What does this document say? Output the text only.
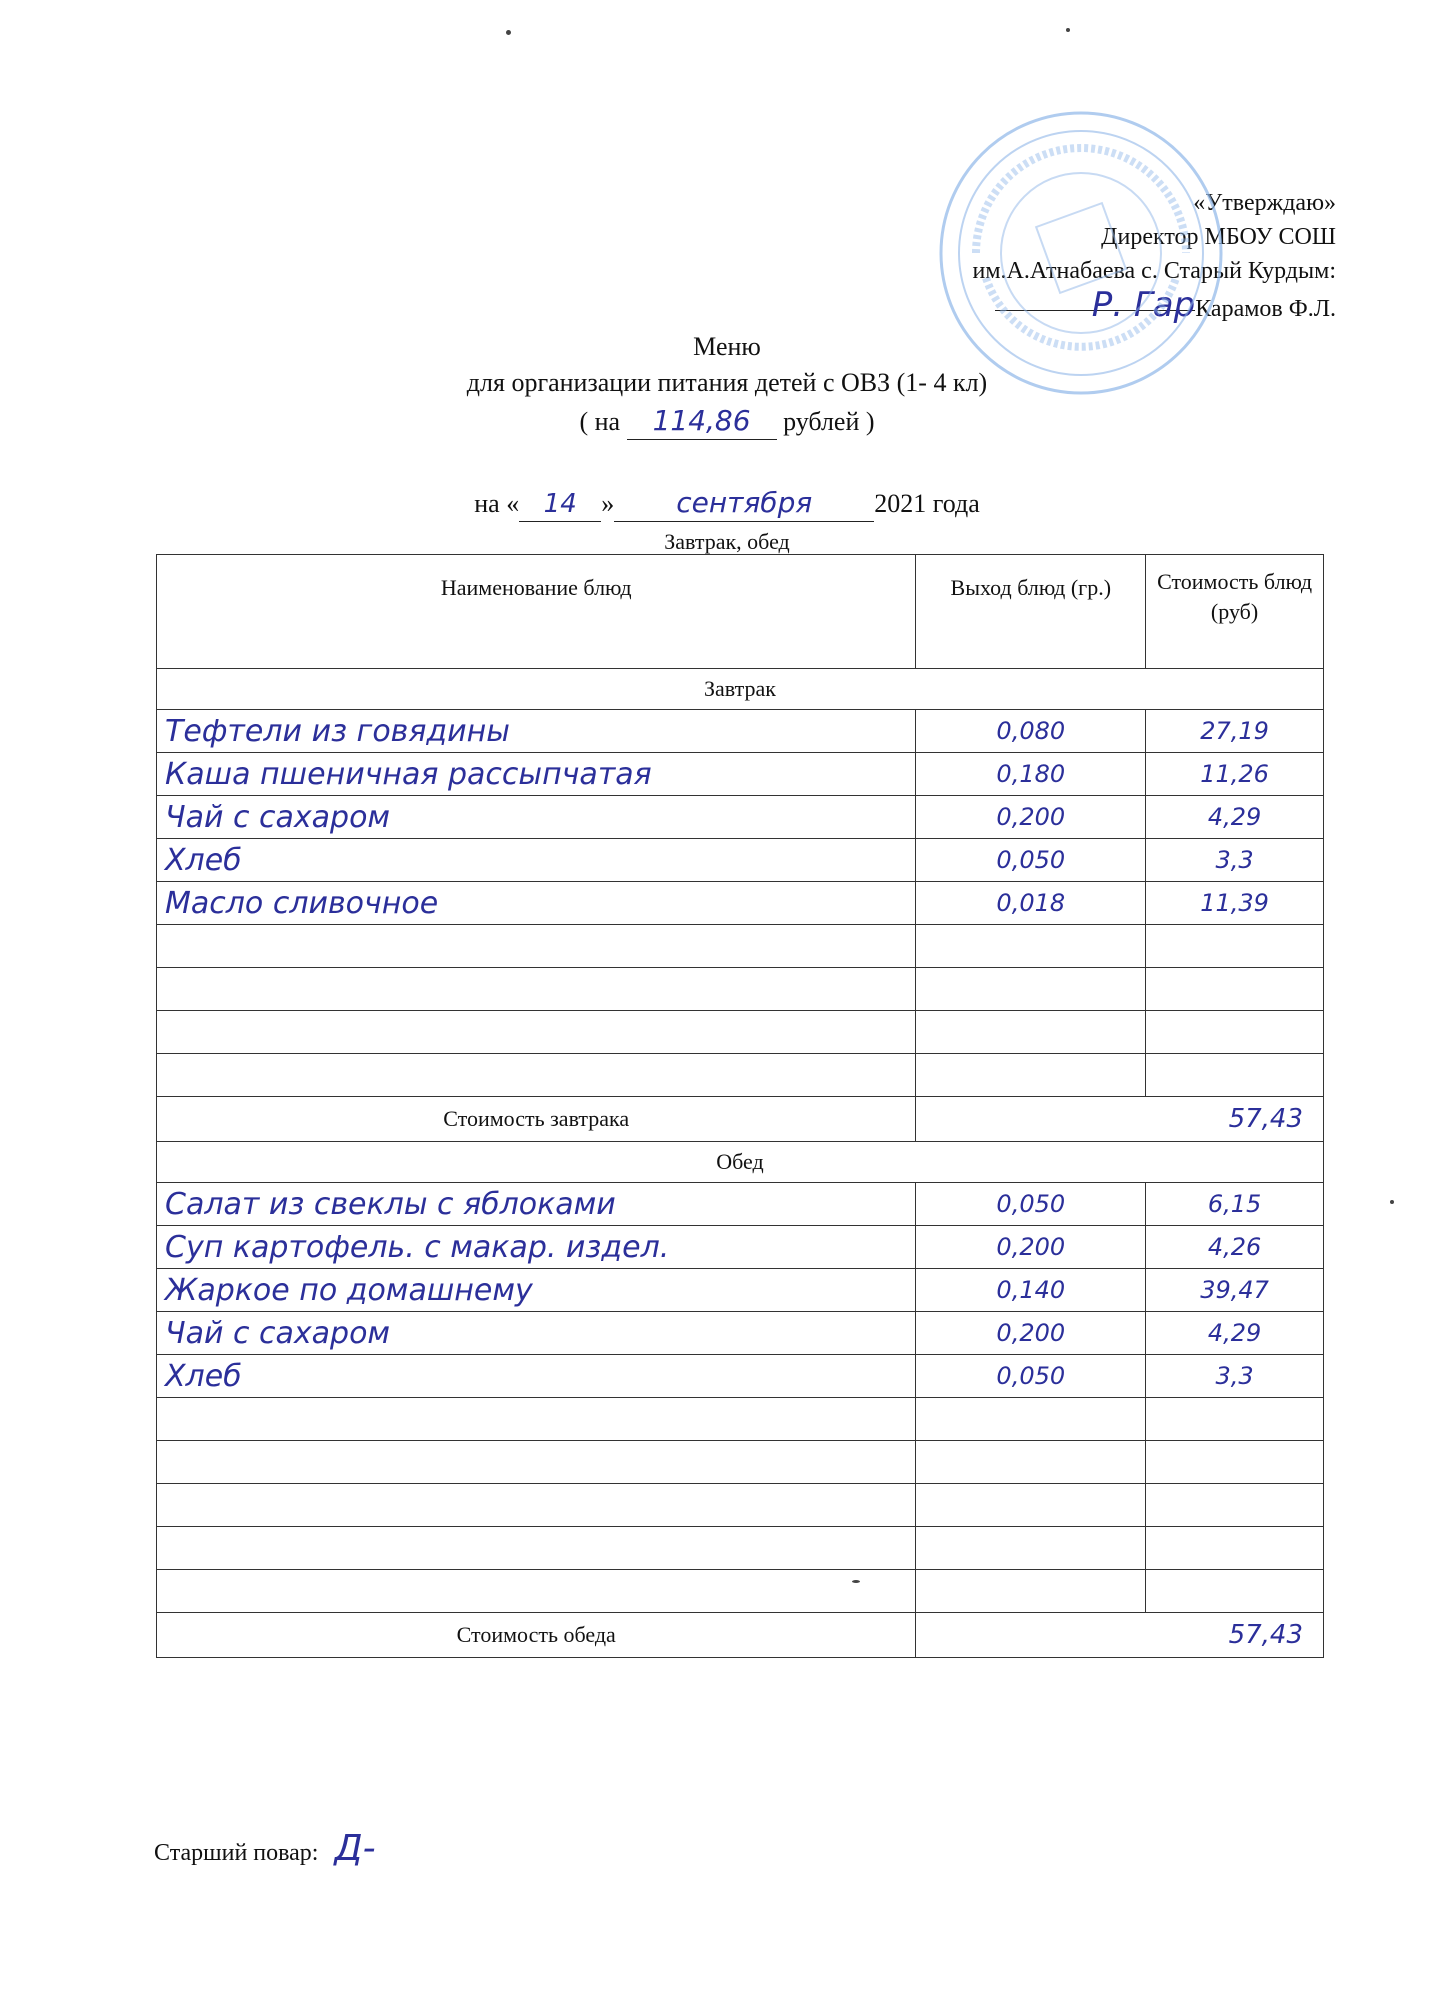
«Утверждаю»
Директор МБОУ СОШ
им.А.Атнабаева с. Старый Курдым:
Р. ГарКарамов Ф.Л.
Меню
для организации питания детей с ОВЗ (1- 4 кл)
( на 114,86 рублей )
на « 14 » сентября 2021 года
Завтрак, обед
Наименование блюд	Выход блюд (гр.)	Стоимость блюд (руб)
Завтрак		
Тефтели из говядины	0,080	27,19
Каша пшеничная рассыпчатая	0,180	11,26
Чай с сахаром	0,200	4,29
Хлеб	0,050	3,3
Масло сливочное	0,018	11,39

Стоимость завтрака	57,43	
Обед		
Салат из свеклы с яблоками	0,050	6,15
Суп картофель. с макар. издел.	0,200	4,26
Жаркое по домашнему	0,140	39,47
Чай с сахаром	0,200	4,29
Хлеб	0,050	3,3

Стоимость обеда	57,43	
Старший повар: Д-
